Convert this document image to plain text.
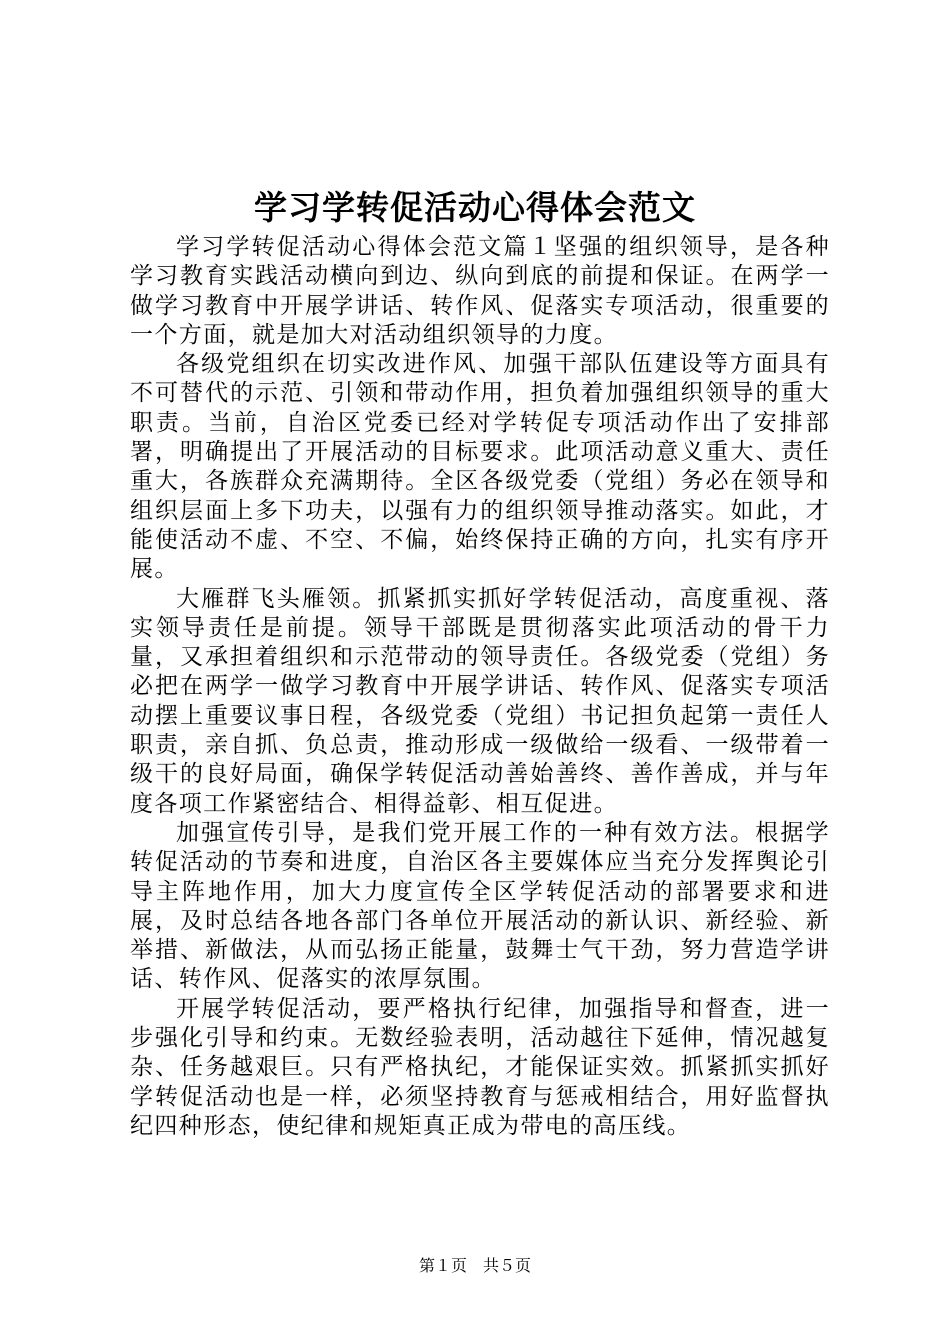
学习学转促活动心得体会范文

学习学转促活动心得体会范文篇１坚强的组织领导，是各种学习教育实践活动横向到边、纵向到底的前提和保证。在两学一做学习教育中开展学讲话、转作风、促落实专项活动，很重要的一个方面，就是加大对活动组织领导的力度。

各级党组织在切实改进作风、加强干部队伍建设等方面具有不可替代的示范、引领和带动作用，担负着加强组织领导的重大职责。当前，自治区党委已经对学转促专项活动作出了安排部署，明确提出了开展活动的目标要求。此项活动意义重大、责任重大，各族群众充满期待。全区各级党委（党组）务必在领导和组织层面上多下功夫，以强有力的组织领导推动落实。如此，才能使活动不虚、不空、不偏，始终保持正确的方向，扎实有序开展。

大雁群飞头雁领。抓紧抓实抓好学转促活动，高度重视、落实领导责任是前提。领导干部既是贯彻落实此项活动的骨干力量，又承担着组织和示范带动的领导责任。各级党委（党组）务必把在两学一做学习教育中开展学讲话、转作风、促落实专项活动摆上重要议事日程，各级党委（党组）书记担负起第一责任人职责，亲自抓、负总责，推动形成一级做给一级看、一级带着一级干的良好局面，确保学转促活动善始善终、善作善成，并与年度各项工作紧密结合、相得益彰、相互促进。

加强宣传引导，是我们党开展工作的一种有效方法。根据学转促活动的节奏和进度，自治区各主要媒体应当充分发挥舆论引导主阵地作用，加大力度宣传全区学转促活动的部署要求和进展，及时总结各地各部门各单位开展活动的新认识、新经验、新举措、新做法，从而弘扬正能量，鼓舞士气干劲，努力营造学讲话、转作风、促落实的浓厚氛围。

开展学转促活动，要严格执行纪律，加强指导和督查，进一步强化引导和约束。无数经验表明，活动越往下延伸，情况越复杂、任务越艰巨。只有严格执纪，才能保证实效。抓紧抓实抓好学转促活动也是一样，必须坚持教育与惩戒相结合，用好监督执纪四种形态，使纪律和规矩真正成为带电的高压线。

第１页　共５页
